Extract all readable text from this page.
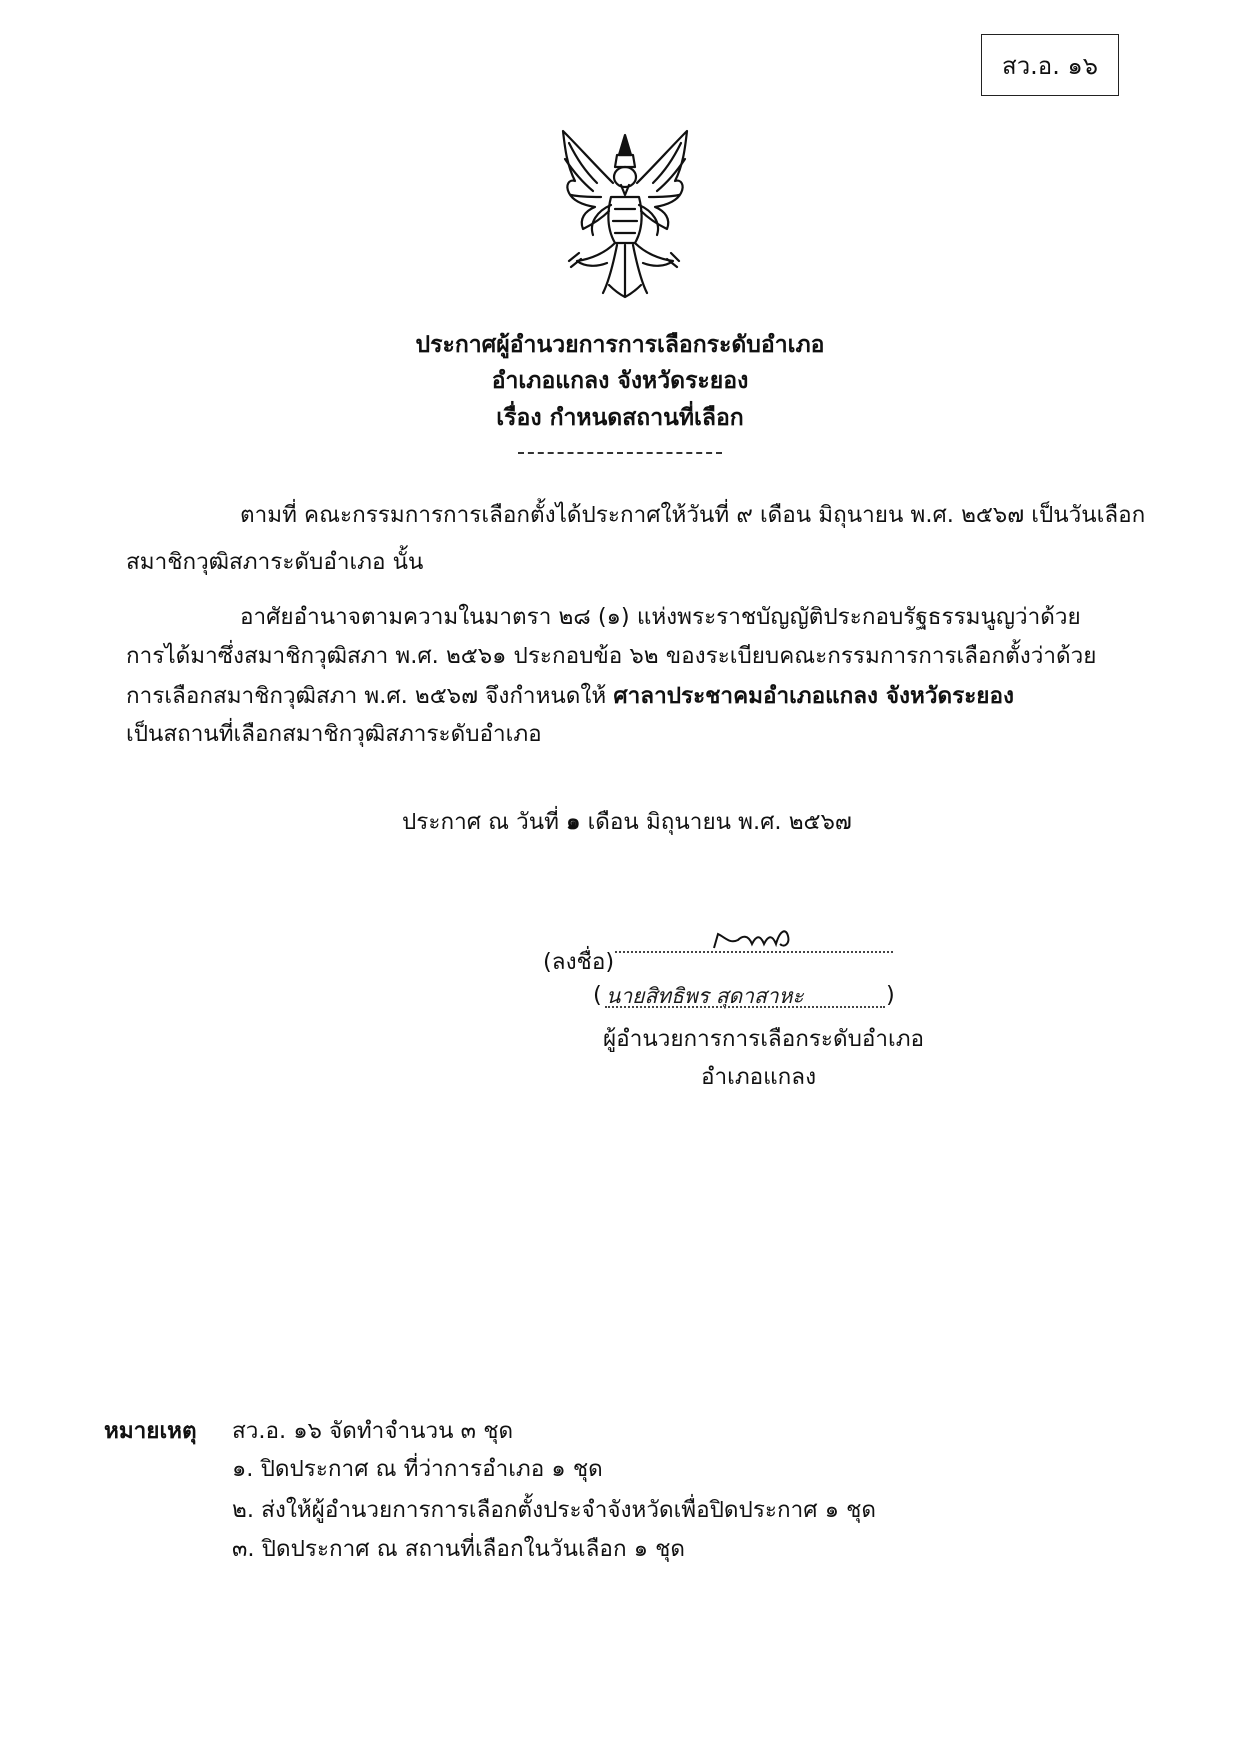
สว.อ. ๑๖
ประกาศผู้อำนวยการการเลือกระดับอำเภอ
อำเภอแกลง จังหวัดระยอง
เรื่อง กำหนดสถานที่เลือก
ตามที่ คณะกรรมการการเลือกตั้งได้ประกาศให้วันที่ ๙ เดือน มิถุนายน พ.ศ. ๒๕๖๗ เป็นวันเลือก
สมาชิกวุฒิสภาระดับอำเภอ นั้น
อาศัยอำนาจตามความในมาตรา ๒๘ (๑) แห่งพระราชบัญญัติประกอบรัฐธรรมนูญว่าด้วย
การได้มาซึ่งสมาชิกวุฒิสภา พ.ศ. ๒๕๖๑ ประกอบข้อ ๖๒ ของระเบียบคณะกรรมการการเลือกตั้งว่าด้วย
การเลือกสมาชิกวุฒิสภา พ.ศ. ๒๕๖๗ จึงกำหนดให้ ศาลาประชาคมอำเภอแกลง จังหวัดระยอง
เป็นสถานที่เลือกสมาชิกวุฒิสภาระดับอำเภอ
ประกาศ ณ วันที่ ๑ เดือน มิถุนายน พ.ศ. ๒๕๖๗
(ลงชื่อ)
( นายสิทธิพร สุดาสาหะ	)
ผู้อำนวยการการเลือกระดับอำเภอ
อำเภอแกลง
หมายเหตุ สว.อ. ๑๖ จัดทำจำนวน ๓ ชุด
๑. ปิดประกาศ ณ ที่ว่าการอำเภอ ๑ ชุด
๒. ส่งให้ผู้อำนวยการการเลือกตั้งประจำจังหวัดเพื่อปิดประกาศ ๑ ชุด
๓. ปิดประกาศ ณ สถานที่เลือกในวันเลือก ๑ ชุด
